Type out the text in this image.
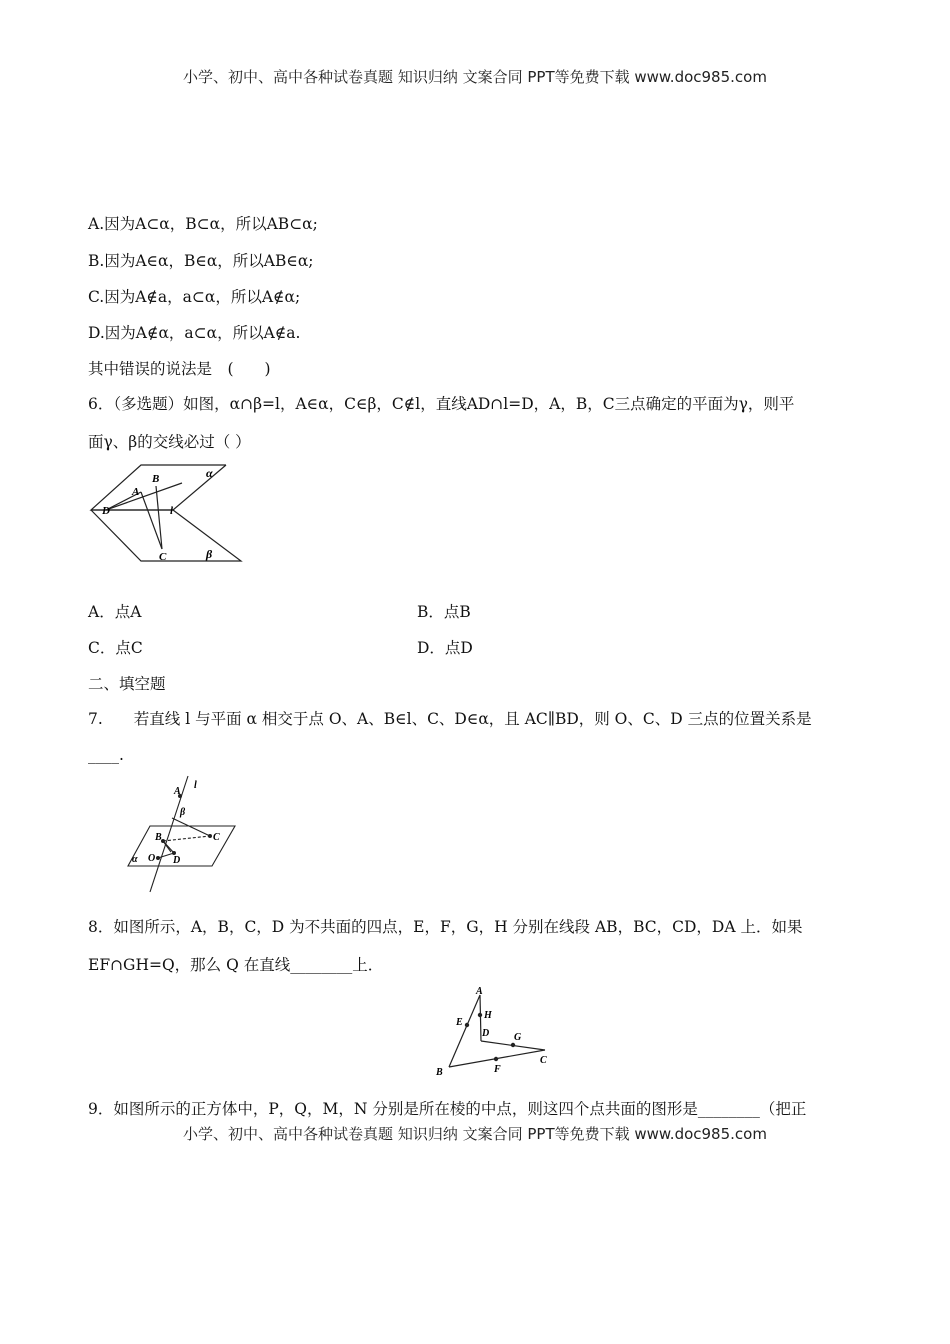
小学、初中、高中各种试卷真题 知识归纳 文案合同 PPT等免费下载 www.doc985.com
A.因为A⊂α，B⊂α，所以AB⊂α;
B.因为A∈α，B∈α，所以AB∈α;
C.因为A∉a，a⊂α，所以A∉α;
D.因为A∉α，a⊂α，所以A∉a.
其中错误的说法是　(　　)
6．（多选题）如图，α∩β=l，A∈α，C∈β，C∉l，直线AD∩l=D，A，B，C三点确定的平面为γ，则平
面γ、β的交线必过（ ）
α
β
B
A
D	l
C
A．点A	B．点B
C．点C	D．点D
二、填空题
7.　　若直线 l 与平面 α 相交于点 O、A、B∈l、C、D∈α，且 AC∥BD，则 O、C、D 三点的位置关系是
____.
A
l
β
B	C
O D
α
8．如图所示，A，B，C，D 为不共面的四点，E，F，G，H 分别在线段 AB，BC，CD，DA 上．如果
EF∩GH=Q，那么 Q 在直线________上．
A
E
H
D G
C
B	F
9．如图所示的正方体中，P，Q，M，N 分别是所在棱的中点，则这四个点共面的图形是________（把正
小学、初中、高中各种试卷真题 知识归纳 文案合同 PPT等免费下载 www.doc985.com
